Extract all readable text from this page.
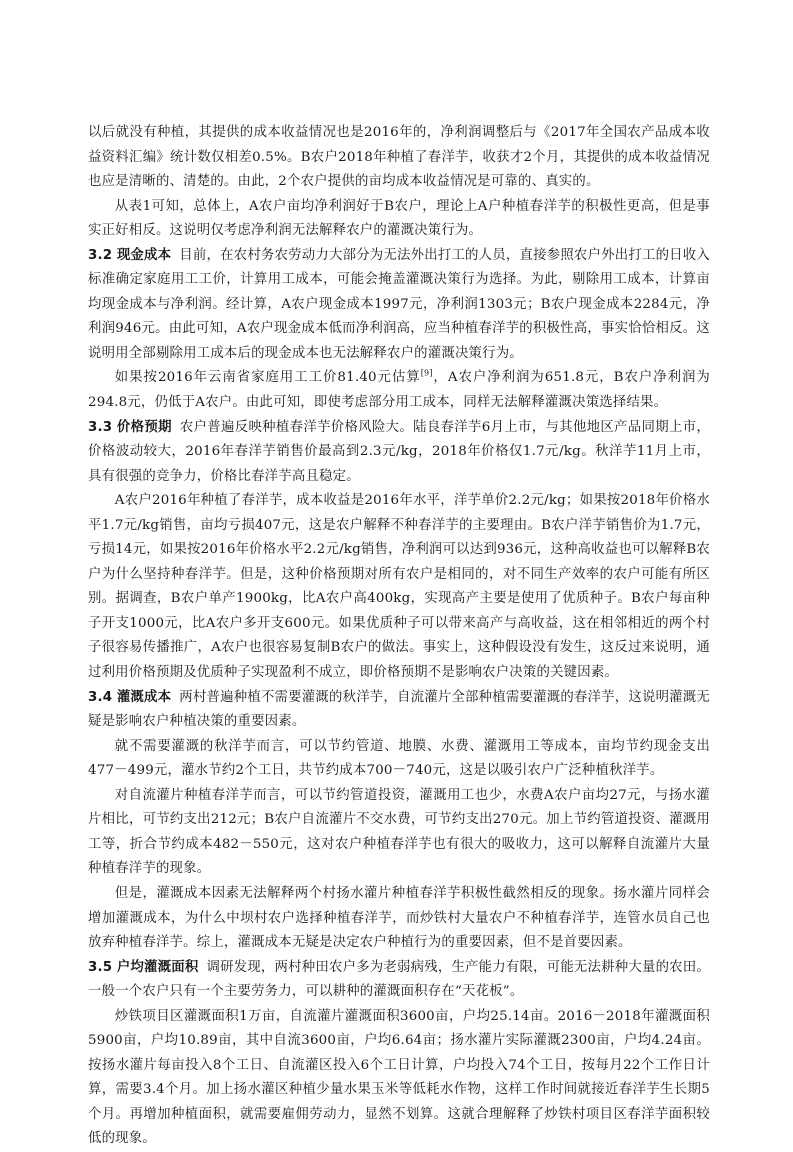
以后就没有种植，其提供的成本收益情况也是2016年的，净利润调整后与《2017年全国农产品成本收益资料汇编》统计数仅相差0.5%。B农户2018年种植了春洋芋，收获才2个月，其提供的成本收益情况也应是清晰的、清楚的。由此，2个农户提供的亩均成本收益情况是可靠的、真实的。

从表1可知，总体上，A农户亩均净利润好于B农户，理论上A户种植春洋芋的积极性更高，但是事实正好相反。这说明仅考虑净利润无法解释农户的灌溉决策行为。

3.2 现金成本 目前，在农村务农劳动力大部分为无法外出打工的人员，直接参照农户外出打工的日收入标准确定家庭用工工价，计算用工成本，可能会掩盖灌溉决策行为选择。为此，剔除用工成本，计算亩均现金成本与净利润。经计算，A农户现金成本1997元，净利润1303元；B农户现金成本2284元，净利润946元。由此可知，A农户现金成本低而净利润高，应当种植春洋芋的积极性高，事实恰恰相反。这说明用全部剔除用工成本后的现金成本也无法解释农户的灌溉决策行为。

如果按2016年云南省家庭用工工价81.40元估算[9]，A农户净利润为651.8元，B农户净利润为294.8元，仍低于A农户。由此可知，即使考虑部分用工成本，同样无法解释灌溉决策选择结果。

3.3 价格预期 农户普遍反映种植春洋芋价格风险大。陆良春洋芋6月上市，与其他地区产品同期上市，价格波动较大，2016年春洋芋销售价最高到2.3元/kg，2018年价格仅1.7元/kg。秋洋芋11月上市，具有很强的竞争力，价格比春洋芋高且稳定。

A农户2016年种植了春洋芋，成本收益是2016年水平，洋芋单价2.2元/kg；如果按2018年价格水平1.7元/kg销售，亩均亏损407元，这是农户解释不种春洋芋的主要理由。B农户洋芋销售价为1.7元，亏损14元，如果按2016年价格水平2.2元/kg销售，净利润可以达到936元，这种高收益也可以解释B农户为什么坚持种春洋芋。但是，这种价格预期对所有农户是相同的，对不同生产效率的农户可能有所区别。据调查，B农户单产1900kg，比A农户高400kg，实现高产主要是使用了优质种子。B农户每亩种子开支1000元，比A农户多开支600元。如果优质种子可以带来高产与高收益，这在相邻相近的两个村子很容易传播推广，A农户也很容易复制B农户的做法。事实上，这种假设没有发生，这反过来说明，通过利用价格预期及优质种子实现盈利不成立，即价格预期不是影响农户决策的关键因素。

3.4 灌溉成本 两村普遍种植不需要灌溉的秋洋芋，自流灌片全部种植需要灌溉的春洋芋，这说明灌溉无疑是影响农户种植决策的重要因素。

就不需要灌溉的秋洋芋而言，可以节约管道、地膜、水费、灌溉用工等成本，亩均节约现金支出477－499元，灌水节约2个工日，共节约成本700－740元，这是以吸引农户广泛种植秋洋芋。

对自流灌片种植春洋芋而言，可以节约管道投资，灌溉用工也少，水费A农户亩均27元，与扬水灌片相比，可节约支出212元；B农户自流灌片不交水费，可节约支出270元。加上节约管道投资、灌溉用工等，折合节约成本482－550元，这对农户种植春洋芋也有很大的吸收力，这可以解释自流灌片大量种植春洋芋的现象。

但是，灌溉成本因素无法解释两个村扬水灌片种植春洋芋积极性截然相反的现象。扬水灌片同样会增加灌溉成本，为什么中坝村农户选择种植春洋芋，而炒铁村大量农户不种植春洋芋，连管水员自己也放弃种植春洋芋。综上，灌溉成本无疑是决定农户种植行为的重要因素，但不是首要因素。

3.5 户均灌溉面积 调研发现，两村种田农户多为老弱病残，生产能力有限，可能无法耕种大量的农田。一般一个农户只有一个主要劳务力，可以耕种的灌溉面积存在“天花板”。

炒铁项目区灌溉面积1万亩，自流灌片灌溉面积3600亩，户均25.14亩。2016－2018年灌溉面积5900亩，户均10.89亩，其中自流3600亩，户均6.64亩；扬水灌片实际灌溉2300亩，户均4.24亩。按扬水灌片每亩投入8个工日、自流灌区投入6个工日计算，户均投入74个工日，按每月22个工作日计算，需要3.4个月。加上扬水灌区种植少量水果玉米等低耗水作物，这样工作时间就接近春洋芋生长期5个月。再增加种植面积，就需要雇佣劳动力，显然不划算。这就合理解释了炒铁村项目区春洋芋面积较低的现象。
